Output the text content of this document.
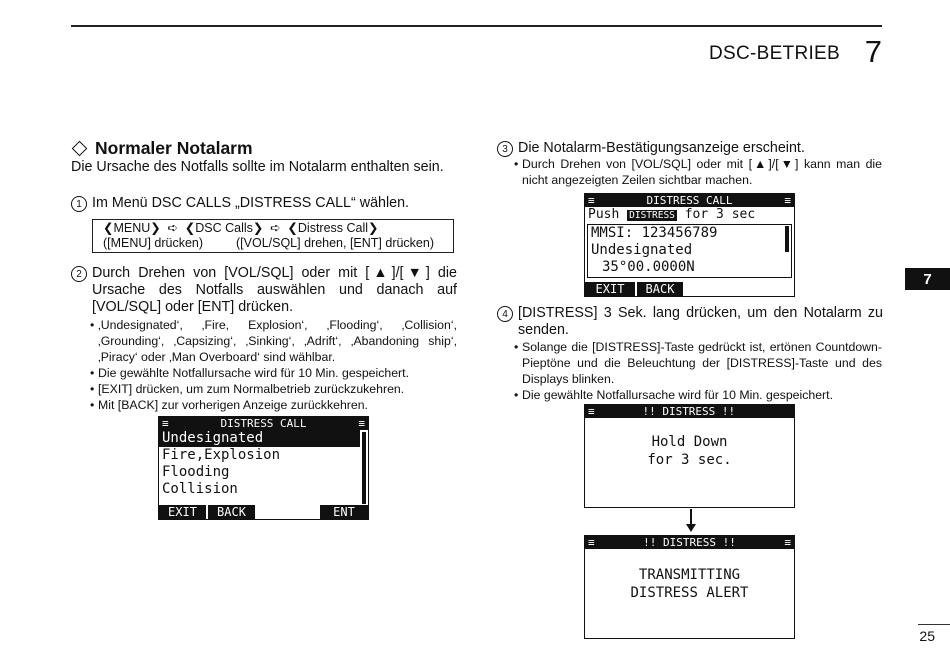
DSC-BETRIEB 7
7
25
Normaler Notalarm
Die Ursache des Notfalls sollte im Notalarm enthalten sein.
1 Im Menü DSC CALLS „DISTRESS CALL“ wählen.
❮MENU❯ ➪ ❮DSC Calls❯ ➪ ❮Distress Call❯
([MENU] drücken)	([VOL/SQL] drehen, [ENT] drücken)
2 Durch Drehen von [VOL/SQL] oder mit [▲]/[▼] die Ursache des Notfalls auswählen und danach auf [VOL/SQL] oder [ENT] drücken.
• ‚Undesignated‘, ‚Fire, Explosion‘, ‚Flooding‘, ‚Collision‘, ‚Grounding‘, ‚Capsizing‘, ‚Sinking‘, ‚Adrift‘, ‚Abandoning ship‘, ‚Piracy‘ oder ‚Man Overboard‘ sind wählbar.
• Die gewählte Notfallursache wird für 10 Min. gespeichert.
• [EXIT] drücken, um zum Normalbetrieb zurückzukehren.
• Mit [BACK] zur vorherigen Anzeige zurückkehren.
≡	DISTRESS CALL	≡
Undesignated
Fire,Explosion
Flooding
Collision
EXIT	BACK	ENT
3 Die Notalarm-Bestätigungsanzeige erscheint.
• Durch Drehen von [VOL/SQL] oder mit [▲]/[▼] kann man die nicht angezeigten Zeilen sichtbar machen.
≡	DISTRESS CALL	≡
Push DISTRESS for 3 sec
MMSI: 123456789
Undesignated
35°00.0000N
EXIT	BACK
4 [DISTRESS] 3 Sek. lang drücken, um den Notalarm zu senden.
• Solange die [DISTRESS]-Taste gedrückt ist, ertönen Countdown-Pieptöne und die Beleuchtung der [DISTRESS]-Taste und des Displays blinken.
• Die gewählte Notfallursache wird für 10 Min. gespeichert.
≡	!! DISTRESS !!
Hold Down
for 3 sec.
≡	!! DISTRESS !!	≡
TRANSMITTING
DISTRESS ALERT
